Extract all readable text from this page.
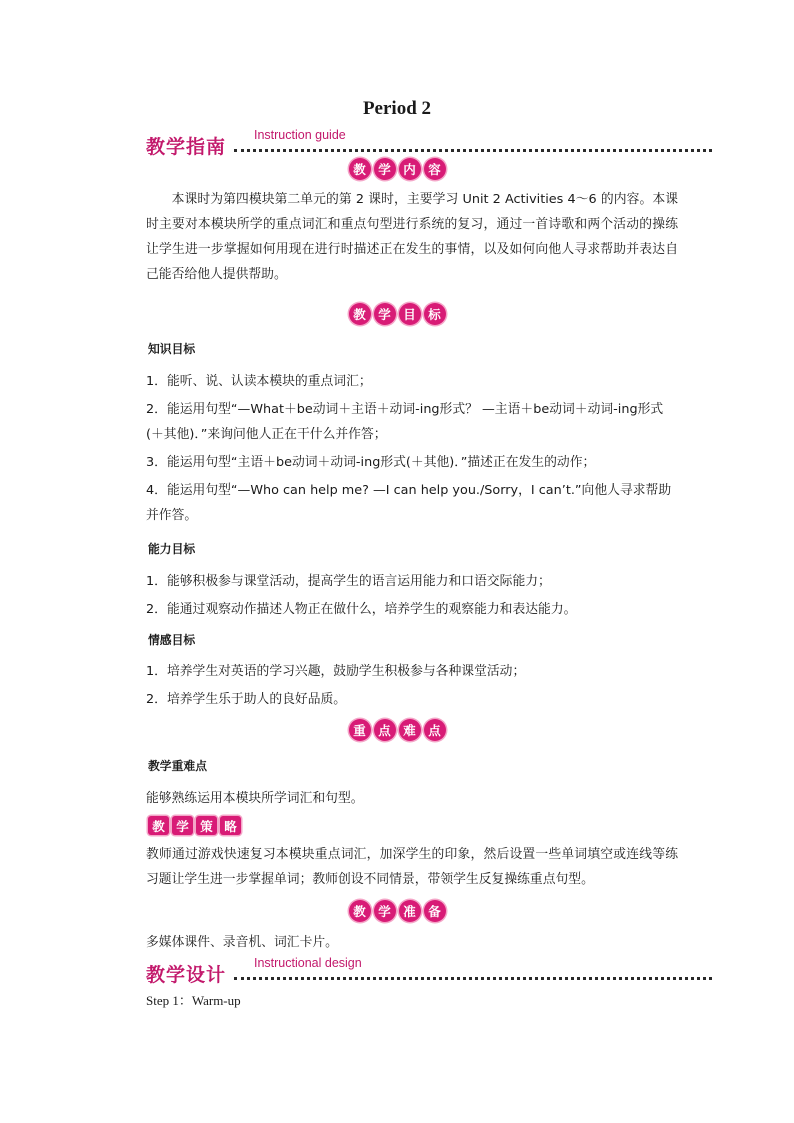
Period 2
教学指南
Instruction guide
教 学 内 容
本课时为第四模块第二单元的第 2 课时，主要学习 Unit 2 Activities 4～6 的内容。本课时主要对本模块所学的重点词汇和重点句型进行系统的复习，通过一首诗歌和两个活动的操练让学生进一步掌握如何用现在进行时描述正在发生的事情，以及如何向他人寻求帮助并表达自己能否给他人提供帮助。
教 学 目 标
知识目标
1．能听、说、认读本模块的重点词汇；
2．能运用句型“—What＋be动词＋主语＋动词-ing形式？ —主语＋be动词＋动词-ing形式(＋其他)．”来询问他人正在干什么并作答；
3．能运用句型“主语＋be动词＋动词-ing形式(＋其他)．”描述正在发生的动作；
4．能运用句型“—Who can help me? —I can help you./Sorry，I can’t.”向他人寻求帮助并作答。
能力目标
1．能够积极参与课堂活动，提高学生的语言运用能力和口语交际能力；
2．能通过观察动作描述人物正在做什么，培养学生的观察能力和表达能力。
情感目标
1．培养学生对英语的学习兴趣，鼓励学生积极参与各种课堂活动；
2．培养学生乐于助人的良好品质。
重 点 难 点
教学重难点
能够熟练运用本模块所学词汇和句型。
教 学 策 略
教师通过游戏快速复习本模块重点词汇，加深学生的印象，然后设置一些单词填空或连线等练习题让学生进一步掌握单词；教师创设不同情景，带领学生反复操练重点句型。
教 学 准 备
多媒体课件、录音机、词汇卡片。
教学设计
Instructional design
Step 1：Warm-up
